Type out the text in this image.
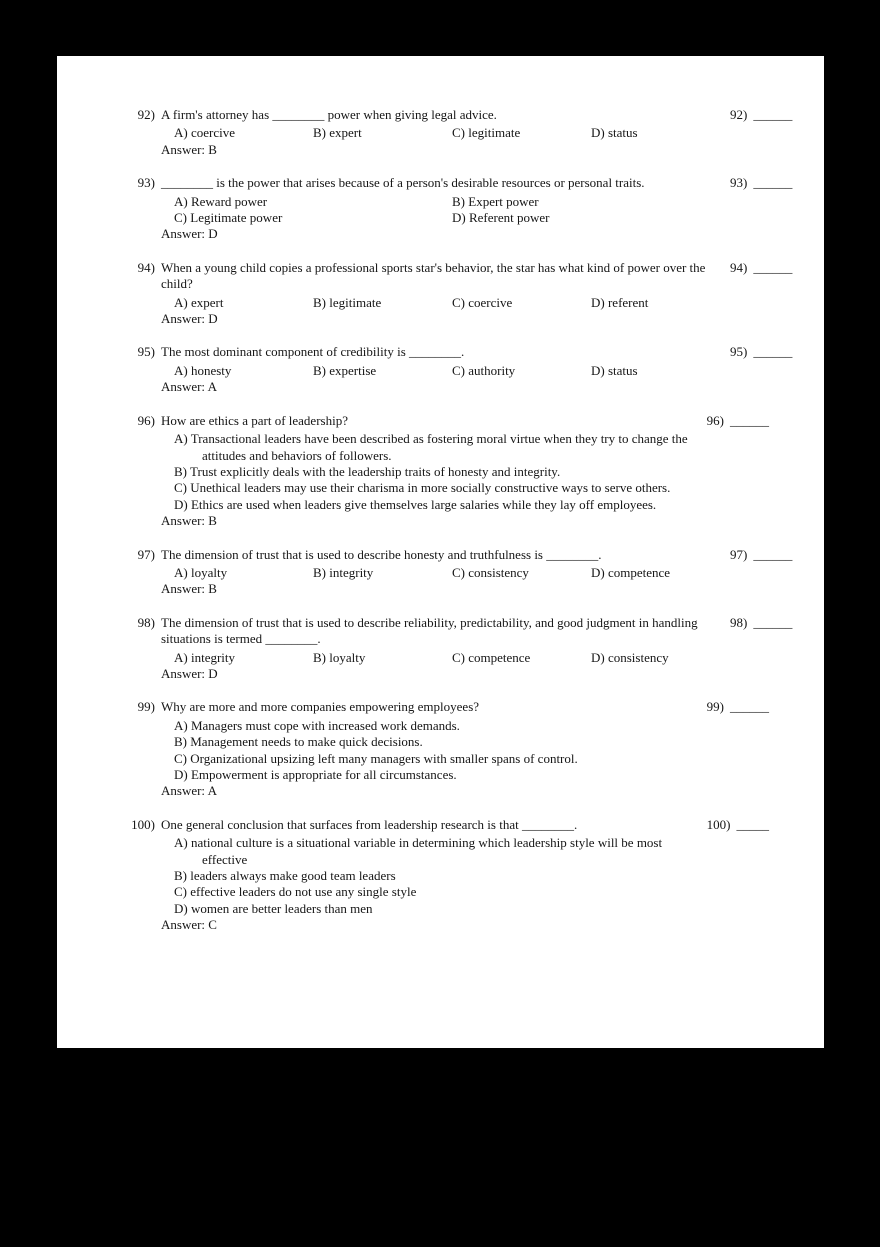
92) A firm's attorney has ________ power when giving legal advice.
A) coercive	B) expert	C) legitimate	D) status
Answer: B
92) ______
93) ________ is the power that arises because of a person's desirable resources or personal traits.
A) Reward power	B) Expert power
C) Legitimate power	D) Referent power
Answer: D
93) ______
94) When a young child copies a professional sports star's behavior, the star has what kind of power over the child?
A) expert	B) legitimate	C) coercive	D) referent
Answer: D
94) ______
95) The most dominant component of credibility is ________.
A) honesty	B) expertise	C) authority	D) status
Answer: A
95) ______
96) How are ethics a part of leadership?
A) Transactional leaders have been described as fostering moral virtue when they try to change the attitudes and behaviors of followers.
B) Trust explicitly deals with the leadership traits of honesty and integrity.
C) Unethical leaders may use their charisma in more socially constructive ways to serve others.
D) Ethics are used when leaders give themselves large salaries while they lay off employees.
Answer: B
96) ______
97) The dimension of trust that is used to describe honesty and truthfulness is ________.
A) loyalty	B) integrity	C) consistency	D) competence
Answer: B
97) ______
98) The dimension of trust that is used to describe reliability, predictability, and good judgment in handling situations is termed ________.
A) integrity	B) loyalty	C) competence	D) consistency
Answer: D
98) ______
99) Why are more and more companies empowering employees?
A) Managers must cope with increased work demands.
B) Management needs to make quick decisions.
C) Organizational upsizing left many managers with smaller spans of control.
D) Empowerment is appropriate for all circumstances.
Answer: A
99) ______
100) One general conclusion that surfaces from leadership research is that ________.
A) national culture is a situational variable in determining which leadership style will be most effective
B) leaders always make good team leaders
C) effective leaders do not use any single style
D) women are better leaders than men
Answer: C
100) _____
